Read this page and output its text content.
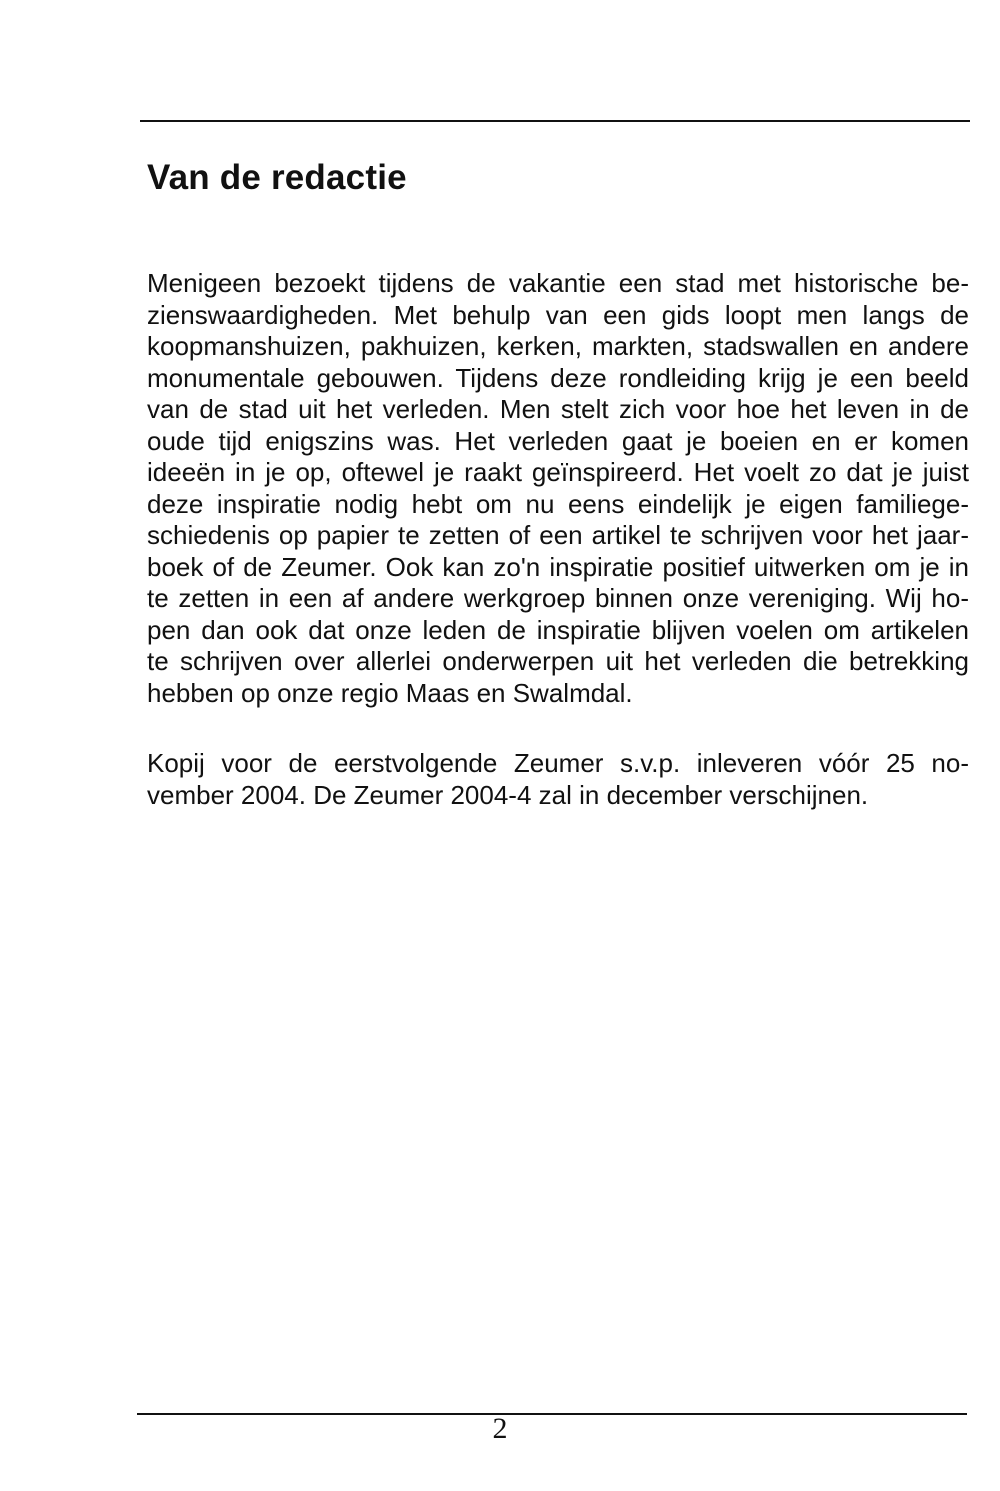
Van de redactie
Menigeen bezoekt tijdens de vakantie een stad met historische be-
zienswaardigheden. Met behulp van een gids loopt men langs de
koopmanshuizen, pakhuizen, kerken, markten, stadswallen en andere
monumentale gebouwen. Tijdens deze rondleiding krijg je een beeld
van de stad uit het verleden. Men stelt zich voor hoe het leven in de
oude tijd enigszins was. Het verleden gaat je boeien en er komen
ideeën in je op, oftewel je raakt geïnspireerd. Het voelt zo dat je juist
deze inspiratie nodig hebt om nu eens eindelijk je eigen familiege-
schiedenis op papier te zetten of een artikel te schrijven voor het jaar-
boek of de Zeumer. Ook kan zo'n inspiratie positief uitwerken om je in
te zetten in een af andere werkgroep binnen onze vereniging. Wij ho-
pen dan ook dat onze leden de inspiratie blijven voelen om artikelen
te schrijven over allerlei onderwerpen uit het verleden die betrekking
hebben op onze regio Maas en Swalmdal.
Kopij voor de eerstvolgende Zeumer s.v.p. inleveren vóór 25 no-
vember 2004. De Zeumer 2004-4 zal in december verschijnen.
2
